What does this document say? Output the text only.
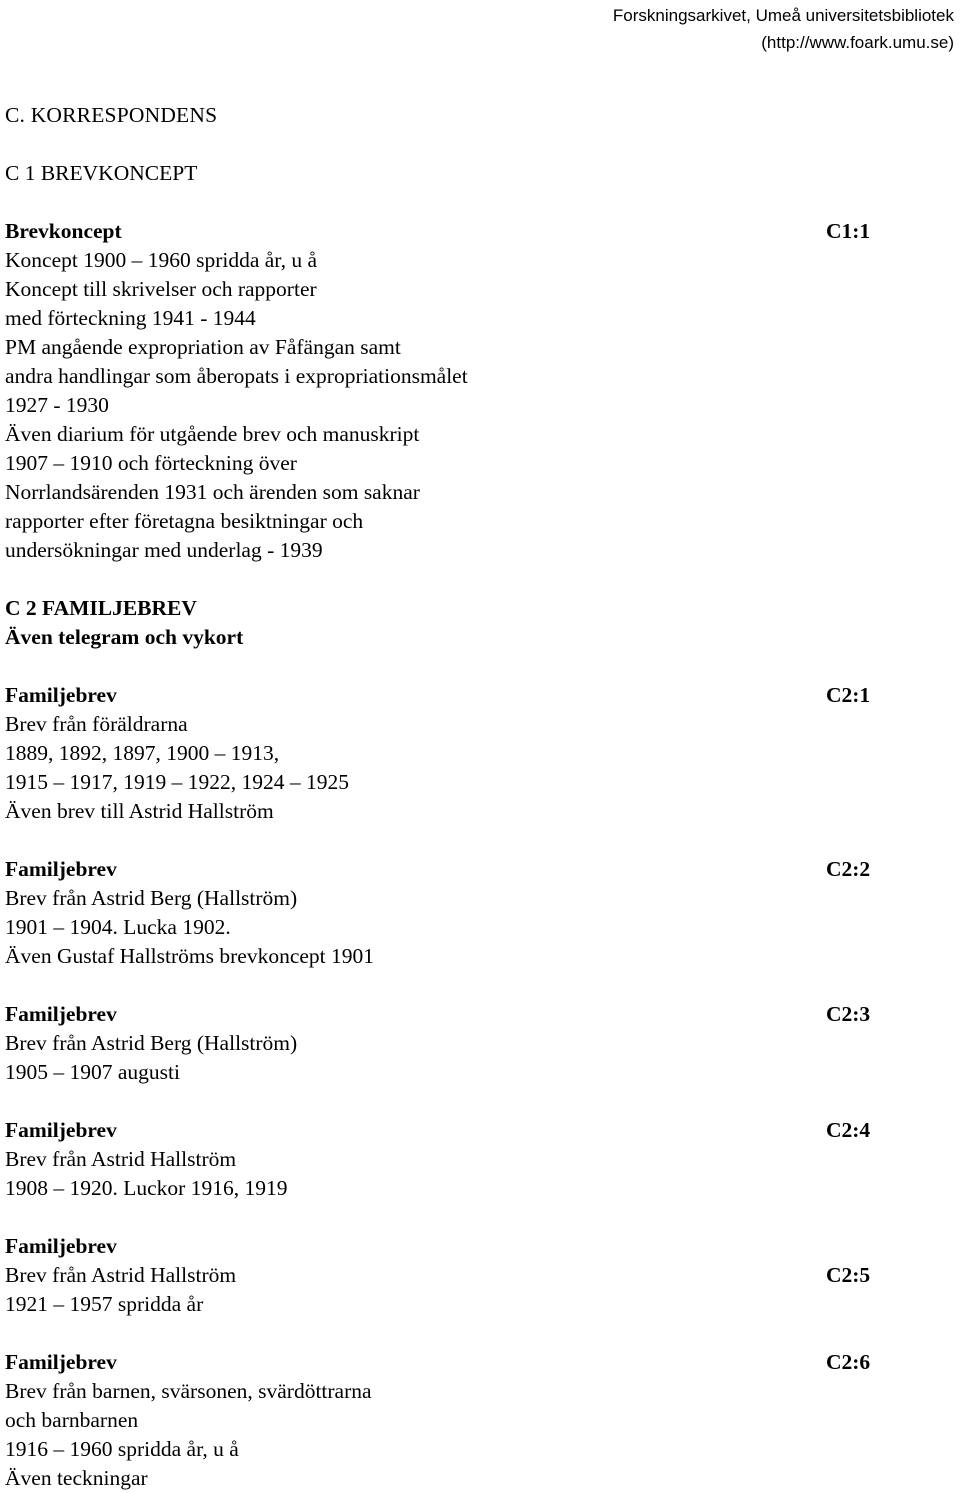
Forskningsarkivet, Umeå universitetsbibliotek
(http://www.foark.umu.se)
C. KORRESPONDENS
C 1 BREVKONCEPT
Brevkoncept	C1:1
Koncept 1900 – 1960 spridda år, u å
Koncept till skrivelser och rapporter
med förteckning 1941 - 1944
PM angående expropriation av Fåfängan samt
andra handlingar som åberopats i expropriationsmålet
1927 - 1930
Även diarium för utgående brev och manuskript
1907 – 1910 och förteckning över
Norrlandsärenden 1931 och ärenden som saknar
rapporter efter företagna besiktningar och
undersökningar med underlag - 1939
C 2 FAMILJEBREV
Även telegram och vykort
Familjebrev	C2:1
Brev från föräldrarna
1889, 1892, 1897, 1900 – 1913,
1915 – 1917, 1919 – 1922, 1924 – 1925
Även brev till Astrid Hallström
Familjebrev	C2:2
Brev från Astrid Berg (Hallström)
1901 – 1904. Lucka 1902.
Även Gustaf Hallströms brevkoncept 1901
Familjebrev	C2:3
Brev från Astrid Berg (Hallström)
1905 – 1907 augusti
Familjebrev	C2:4
Brev från Astrid Hallström
1908 – 1920. Luckor 1916, 1919
Familjebrev
Brev från Astrid Hallström	C2:5
1921 – 1957 spridda år
Familjebrev	C2:6
Brev från barnen, svärsonen, svärdöttrarna
och barnbarnen
1916 – 1960 spridda år, u å
Även teckningar
